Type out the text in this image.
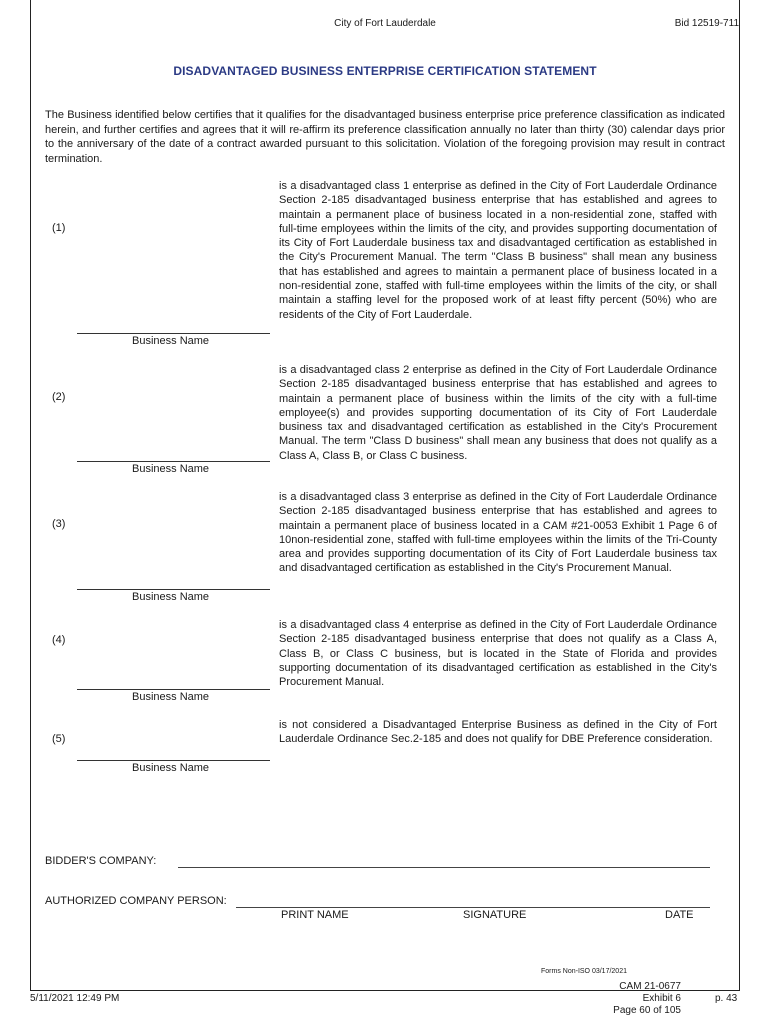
City of Fort Lauderdale	Bid 12519-711
DISADVANTAGED BUSINESS ENTERPRISE CERTIFICATION STATEMENT
The Business identified below certifies that it qualifies for the disadvantaged business enterprise price preference classification as indicated herein, and further certifies and agrees that it will re-affirm its preference classification annually no later than thirty (30) calendar days prior to the anniversary of the date of a contract awarded pursuant to this solicitation. Violation of the foregoing provision may result in contract termination.
is a disadvantaged class 1 enterprise as defined in the City of Fort Lauderdale Ordinance Section 2-185 disadvantaged business enterprise that has established and agrees to maintain a permanent place of business located in a non-residential zone, staffed with full-time employees within the limits of the city, and provides supporting documentation of its City of Fort Lauderdale business tax and disadvantaged certification as established in the City's Procurement Manual. The term "Class B business" shall mean any business that has established and agrees to maintain a permanent place of business located in a non-residential zone, staffed with full-time employees within the limits of the city, or shall maintain a staffing level for the proposed work of at least fifty percent (50%) who are residents of the City of Fort Lauderdale.
(1)
Business Name
is a disadvantaged class 2 enterprise as defined in the City of Fort Lauderdale Ordinance Section 2-185 disadvantaged business enterprise that has established and agrees to maintain a permanent place of business within the limits of the city with a full-time employee(s) and provides supporting documentation of its City of Fort Lauderdale business tax and disadvantaged certification as established in the City's Procurement Manual. The term "Class D business" shall mean any business that does not qualify as a Class A, Class B, or Class C business.
(2)
Business Name
is a disadvantaged class 3 enterprise as defined in the City of Fort Lauderdale Ordinance Section 2-185 disadvantaged business enterprise that has established and agrees to maintain a permanent place of business located in a CAM #21-0053 Exhibit 1 Page 6 of 10non-residential zone, staffed with full-time employees within the limits of the Tri-County area and provides supporting documentation of its City of Fort Lauderdale business tax and disadvantaged certification as established in the City's Procurement Manual.
(3)
Business Name
is a disadvantaged class 4 enterprise as defined in the City of Fort Lauderdale Ordinance Section 2-185 disadvantaged business enterprise that does not qualify as a Class A, Class B, or Class C business, but is located in the State of Florida and provides supporting documentation of its disadvantaged certification as established in the City's Procurement Manual.
(4)
Business Name
is not considered a Disadvantaged Enterprise Business as defined in the City of Fort Lauderdale Ordinance Sec.2-185 and does not qualify for DBE Preference consideration.
(5)
Business Name
BIDDER'S COMPANY:
AUTHORIZED COMPANY PERSON:
PRINT NAME	SIGNATURE	DATE
Forms Non-ISO 03/17/2021
CAM 21-0677
Exhibit 6
Page 60 of 105
5/11/2021 12:49 PM	p. 43
